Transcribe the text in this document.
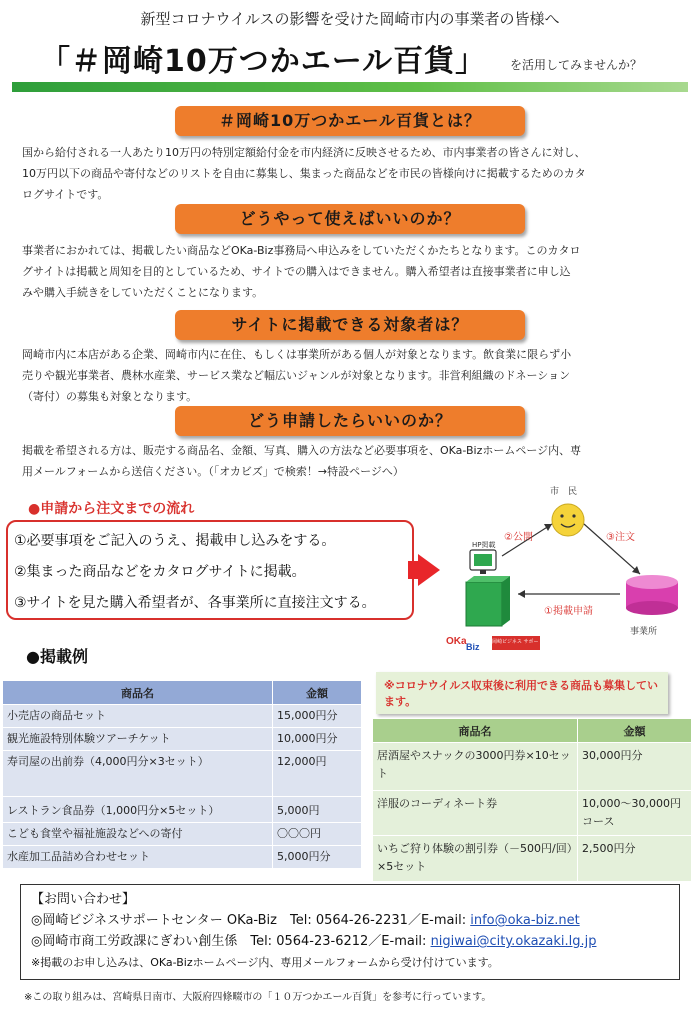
新型コロナウイルスの影響を受けた岡崎市内の事業者の皆様へ
「＃岡崎10万つかエール百貨」 を活用してみませんか？
＃岡崎10万つかエール百貨とは？
国から給付される一人あたり10万円の特別定額給付金を市内経済に反映させるため、市内事業者の皆さんに対し、
10万円以下の商品や寄付などのリストを自由に募集し、集まった商品などを市民の皆様向けに掲載するためのカタ
ログサイトです。
どうやって使えばいいのか？
事業者におかれては、掲載したい商品などOKa-Biz事務局へ申込みをしていただくかたちとなります。このカタロ
グサイトは掲載と周知を目的としているため、サイトでの購入はできません。購入希望者は直接事業者に申し込
みや購入手続きをしていただくことになります。
サイトに掲載できる対象者は？
岡崎市内に本店がある企業、岡崎市内に在住、もしくは事業所がある個人が対象となります。飲食業に限らず小
売りや観光事業者、農林水産業、サービス業など幅広いジャンルが対象となります。非営利組織のドネーション
（寄付）の募集も対象となります。
どう申請したらいいのか？
掲載を希望される方は、販売する商品名、金額、写真、購入の方法など必要事項を、OKa-Bizホームページ内、専
用メールフォームから送信ください。（「オカビズ」で検索！→特設ページへ）
●申請から注文までの流れ
①必要事項をご記入のうえ、掲載申し込みをする。
②集まった商品などをカタログサイトに掲載。
③サイトを見た購入希望者が、各事業所に直接注文する。
OKa Biz
市　民
②公開	③注文
①掲載申請
事業所
HP掲載
岡崎ビジネス サポートセンター
●掲載例
商品名	金額
小売店の商品セット	15,000円分
観光施設特別体験ツアーチケット	10,000円分
寿司屋の出前券（4,000円分×3セット）	12,000円
レストラン食品券（1,000円分×5セット）	5,000円
こども食堂や福祉施設などへの寄付	〇〇〇円
水産加工品詰め合わせセット	5,000円分
※コロナウイルス収束後に利用できる商品も募集しています。
商品名	金額
居酒屋やスナックの3000円券×10セット	30,000円分
洋服のコーディネート券	10,000～30,000円コース
いちご狩り体験の割引券（－500円/回）×5セット	2,500円分
【お問い合わせ】
◎岡崎ビジネスサポートセンター OKa-Biz　Tel: 0564-26-2231／E-mail: info@oka-biz.net
◎岡崎市商工労政課にぎわい創生係　Tel: 0564-23-6212／E-mail: nigiwai@city.okazaki.lg.jp
※掲載のお申し込みは、OKa-Bizホームページ内、専用メールフォームから受け付けています。
※この取り組みは、宮崎県日南市、大阪府四條畷市の「１０万つかエール百貨」を参考に行っています。
